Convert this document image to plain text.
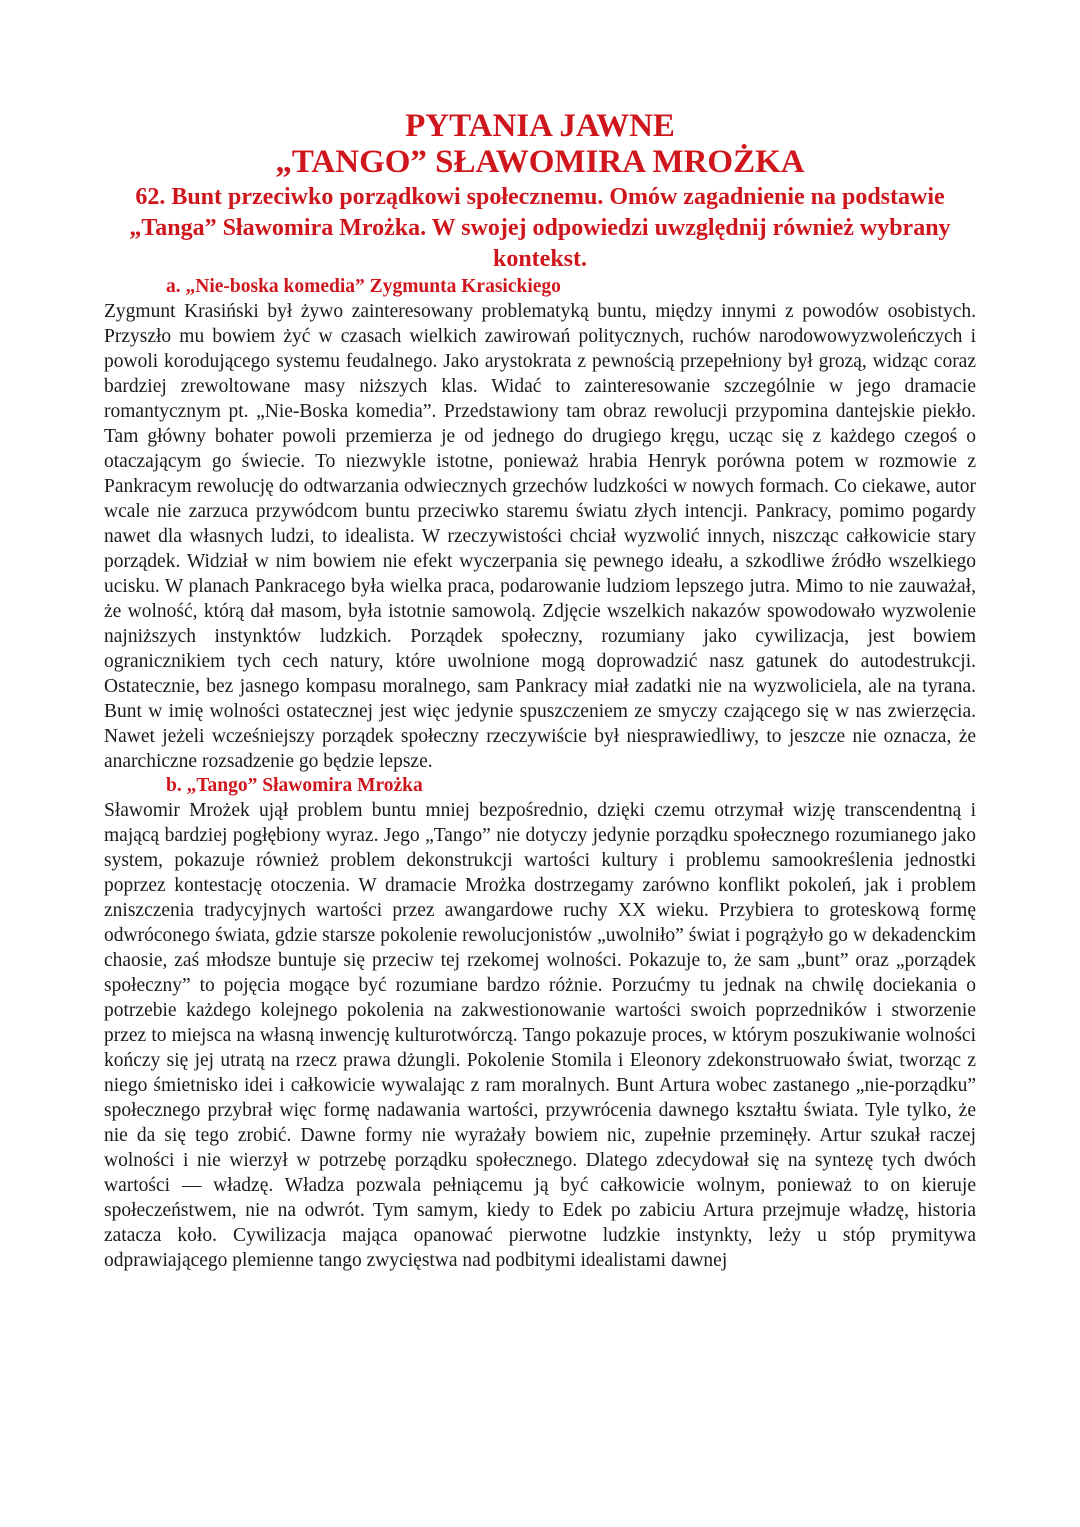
PYTANIA JAWNE
„TANGO” SŁAWOMIRA MROŻKA
62. Bunt przeciwko porządkowi społecznemu. Omów zagadnienie na podstawie „Tanga” Sławomira Mrożka. W swojej odpowiedzi uwzględnij również wybrany kontekst.
a. „Nie-boska komedia” Zygmunta Krasickiego

Zygmunt Krasiński był żywo zainteresowany problematyką buntu, między innymi z powodów osobistych. Przyszło mu bowiem żyć w czasach wielkich zawirowań politycznych, ruchów narodowowyzwoleńczych i powoli korodującego systemu feudalnego. Jako arystokrata z pewnością przepełniony był grozą, widząc coraz bardziej zrewoltowane masy niższych klas. Widać to zainteresowanie szczególnie w jego dramacie romantycznym pt. „Nie-Boska komedia”. Przedstawiony tam obraz rewolucji przypomina dantejskie piekło. Tam główny bohater powoli przemierza je od jednego do drugiego kręgu, ucząc się z każdego czegoś o otaczającym go świecie. To niezwykle istotne, ponieważ hrabia Henryk porówna potem w rozmowie z Pankracym rewolucję do odtwarzania odwiecznych grzechów ludzkości w nowych formach. Co ciekawe, autor wcale nie zarzuca przywódcom buntu przeciwko staremu światu złych intencji. Pankracy, pomimo pogardy nawet dla własnych ludzi, to idealista. W rzeczywistości chciał wyzwolić innych, niszcząc całkowicie stary porządek. Widział w nim bowiem nie efekt wyczerpania się pewnego ideału, a szkodliwe źródło wszelkiego ucisku. W planach Pankracego była wielka praca, podarowanie ludziom lepszego jutra. Mimo to nie zauważał, że wolność, którą dał masom, była istotnie samowolą. Zdjęcie wszelkich nakazów spowodowało wyzwolenie najniższych instynktów ludzkich. Porządek społeczny, rozumiany jako cywilizacja, jest bowiem ogranicznikiem tych cech natury, które uwolnione mogą doprowadzić nasz gatunek do autodestrukcji. Ostatecznie, bez jasnego kompasu moralnego, sam Pankracy miał zadatki nie na wyzwoliciela, ale na tyrana. Bunt w imię wolności ostatecznej jest więc jedynie spuszczeniem ze smyczy czającego się w nas zwierzęcia. Nawet jeżeli wcześniejszy porządek społeczny rzeczywiście był niesprawiedliwy, to jeszcze nie oznacza, że anarchiczne rozsadzenie go będzie lepsze.

b. „Tango” Sławomira Mrożka

Sławomir Mrożek ujął problem buntu mniej bezpośrednio, dzięki czemu otrzymał wizję transcendentną i mającą bardziej pogłębiony wyraz. Jego „Tango” nie dotyczy jedynie porządku społecznego rozumianego jako system, pokazuje również problem dekonstrukcji wartości kultury i problemu samookreślenia jednostki poprzez kontestację otoczenia. W dramacie Mrożka dostrzegamy zarówno konflikt pokoleń, jak i problem zniszczenia tradycyjnych wartości przez awangardowe ruchy XX wieku. Przybiera to groteskową formę odwróconego świata, gdzie starsze pokolenie rewolucjonistów „uwolniło” świat i pogrążyło go w dekadenckim chaosie, zaś młodsze buntuje się przeciw tej rzekomej wolności. Pokazuje to, że sam „bunt” oraz „porządek społeczny” to pojęcia mogące być rozumiane bardzo różnie. Porzućmy tu jednak na chwilę dociekania o potrzebie każdego kolejnego pokolenia na zakwestionowanie wartości swoich poprzedników i stworzenie przez to miejsca na własną inwencję kulturotwórczą. Tango pokazuje proces, w którym poszukiwanie wolności kończy się jej utratą na rzecz prawa dżungli. Pokolenie Stomila i Eleonory zdekonstruowało świat, tworząc z niego śmietnisko idei i całkowicie wywalając z ram moralnych. Bunt Artura wobec zastanego „nie-porządku” społecznego przybrał więc formę nadawania wartości, przywrócenia dawnego kształtu świata. Tyle tylko, że nie da się tego zrobić. Dawne formy nie wyrażały bowiem nic, zupełnie przeminęły. Artur szukał raczej wolności i nie wierzył w potrzebę porządku społecznego. Dlatego zdecydował się na syntezę tych dwóch wartości — władzę. Władza pozwala pełniącemu ją być całkowicie wolnym, ponieważ to on kieruje społeczeństwem, nie na odwrót. Tym samym, kiedy to Edek po zabiciu Artura przejmuje władzę, historia zatacza koło. Cywilizacja mająca opanować pierwotne ludzkie instynkty, leży u stóp prymitywa odprawiającego plemienne tango zwycięstwa nad podbitymi idealistami dawnej
